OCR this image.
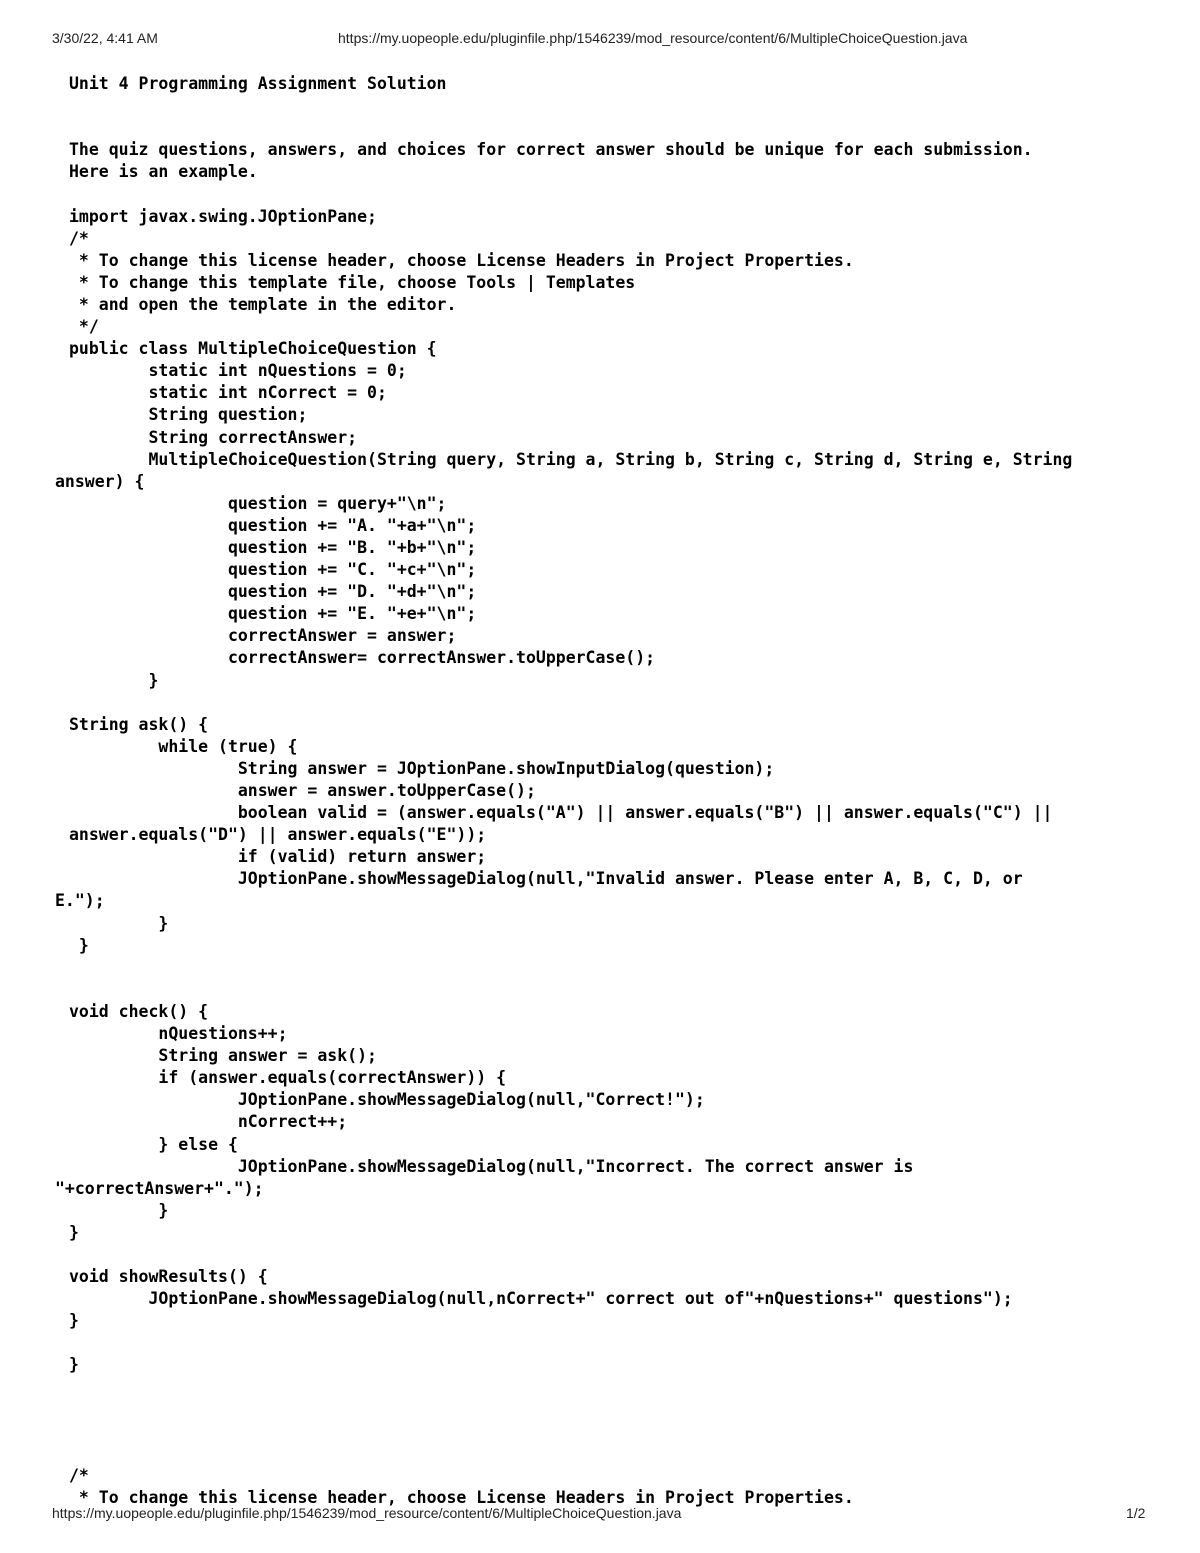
3/30/22, 4:41 AM	https://my.uopeople.edu/pluginfile.php/1546239/mod_resource/content/6/MultipleChoiceQuestion.java
Unit 4 Programming Assignment Solution
The quiz questions, answers, and choices for correct answer should be unique for each submission.
Here is an example.
import javax.swing.JOptionPane;
/*
* To change this license header, choose License Headers in Project Properties.
* To change this template file, choose Tools | Templates
* and open the template in the editor.
*/
public class MultipleChoiceQuestion {
static int nQuestions = 0;
static int nCorrect = 0;
String question;
String correctAnswer;
MultipleChoiceQuestion(String query, String a, String b, String c, String d, String e, String
answer) {
question = query+"\n";
question += "A. "+a+"\n";
question += "B. "+b+"\n";
question += "C. "+c+"\n";
question += "D. "+d+"\n";
question += "E. "+e+"\n";
correctAnswer = answer;
correctAnswer= correctAnswer.toUpperCase();
}
String ask() {
while (true) {
String answer = JOptionPane.showInputDialog(question);
answer = answer.toUpperCase();
boolean valid = (answer.equals("A") || answer.equals("B") || answer.equals("C") ||
answer.equals("D") || answer.equals("E"));
if (valid) return answer;
JOptionPane.showMessageDialog(null,"Invalid answer. Please enter A, B, C, D, or
E.");
}
}
void check() {
nQuestions++;
String answer = ask();
if (answer.equals(correctAnswer)) {
JOptionPane.showMessageDialog(null,"Correct!");
nCorrect++;
} else {
JOptionPane.showMessageDialog(null,"Incorrect. The correct answer is
"+correctAnswer+".");
}
}
void showResults() {
JOptionPane.showMessageDialog(null,nCorrect+" correct out of"+nQuestions+" questions");
}
}
/*
* To change this license header, choose License Headers in Project Properties.
https://my.uopeople.edu/pluginfile.php/1546239/mod_resource/content/6/MultipleChoiceQuestion.java	1/2
